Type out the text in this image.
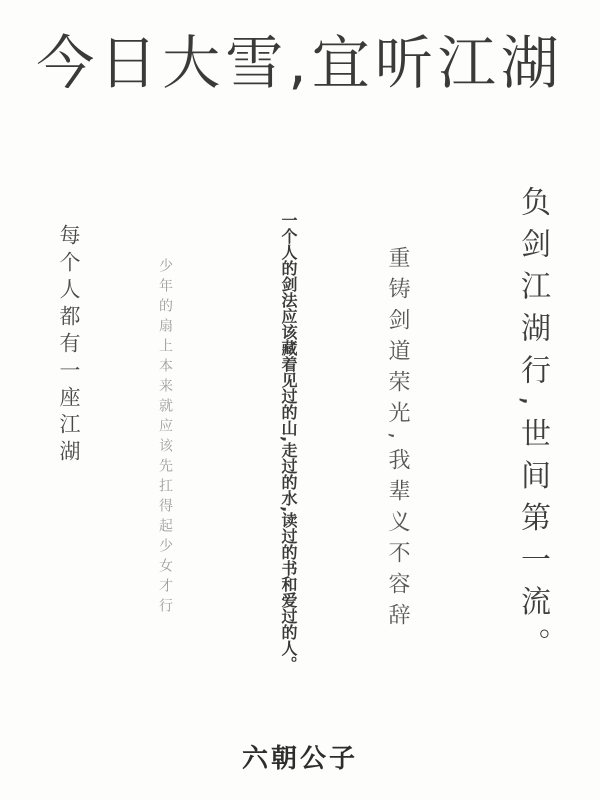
今日大雪,宜听江湖
负剑江湖行,世间第一流。
重铸剑道荣光,我辈义不容辞
一个人的剑法应该藏着见过的山,走过的水,读过的书和爱过的人。
少年的扇上本来就应该先扛得起少女才行
每个人都有一座江湖
六朝公子
